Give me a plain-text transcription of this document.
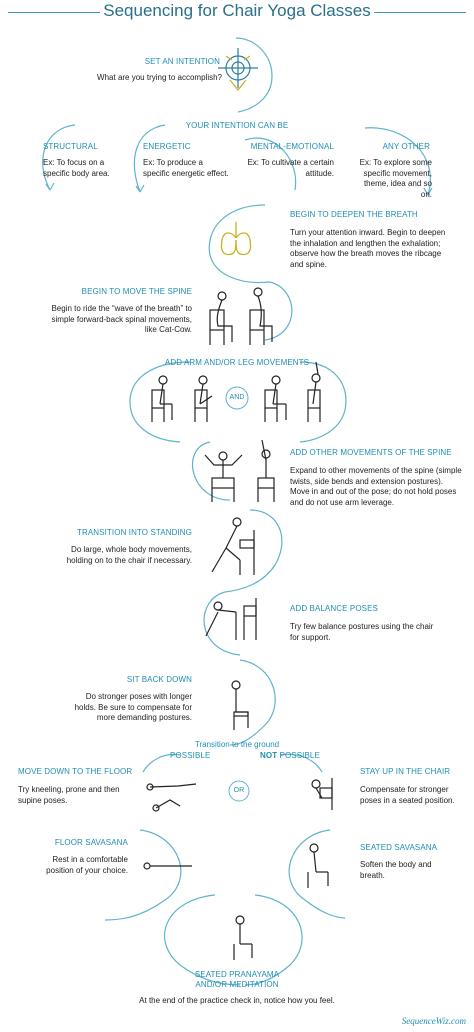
Sequencing for Chair Yoga Classes
SET AN INTENTION
What are you trying to accomplish?
YOUR INTENTION CAN BE
STRUCTURAL
Ex: To focus on a specific body area.
ENERGETIC
Ex: To produce a specific energetic effect.
MENTAL-EMOTIONAL
Ex: To cultivate a certain attitude.
ANY OTHER
Ex: To explore some specific movement, theme, idea and so on.
BEGIN TO DEEPEN THE BREATH
Turn your attention inward. Begin to deepen the inhalation and lengthen the exhalation; observe how the breath moves the ribcage and spine.
BEGIN TO MOVE THE SPINE
Begin to ride the “wave of the breath” to simple forward-back spinal movements, like Cat-Cow.
ADD ARM AND/OR LEG MOVEMENTS
AND
ADD OTHER MOVEMENTS OF THE SPINE
Expand to other movements of the spine (simple twists, side bends and extension postures). Move in and out of the pose; do not hold poses and do not use arm leverage.
TRANSITION INTO STANDING
Do large, whole body movements, holding on to the chair if necessary.
ADD BALANCE POSES
Try few balance postures using the chair for support.
SIT BACK DOWN
Do stronger poses with longer holds. Be sure to compensate for more demanding postures.
Transition to the ground
POSSIBLE	NOT POSSIBLE
OR
MOVE DOWN TO THE FLOOR
Try kneeling, prone and then supine poses.
STAY UP IN THE CHAIR
Compensate for stronger poses in a seated position.
FLOOR SAVASANA
Rest in a comfortable position of your choice.
SEATED SAVASANA
Soften the body and breath.
SEATED PRANAYAMA
AND/OR MEDITATION
At the end of the practice check in, notice how you feel.
SequenceWiz.com
